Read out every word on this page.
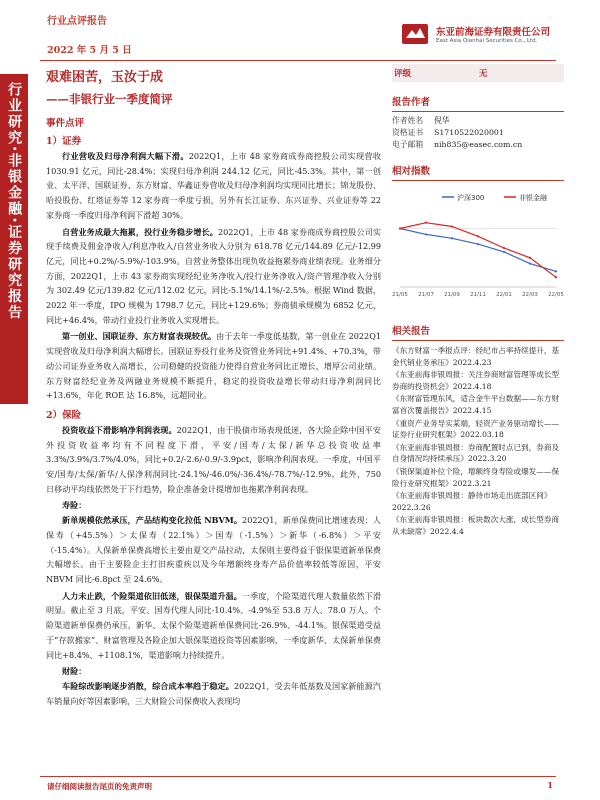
行业点评报告
2022 年 5 月 5 日
东亚前海证券有限责任公司
East Asia Qianhai Securities Co., Ltd.
行业研究·非银金融·证券研究报告
艰难困苦，玉汝于成
——非银行业一季度简评
事件点评
1）证券

行业营收及归母净利润大幅下滑。2022Q1，上市 48 家券商成券商控股公司实现营收 1030.91 亿元，同比-28.4%；实现归母净利润 244.12 亿元，同比-45.3%。其中，第一创业、太平洋、国联证券、东方财富、华鑫证券营收及归母净利润均实现同比增长；锦龙股份、哈投股份、红塔证券等 12 家券商一季度亏损，另外有长江证券、东兴证券、兴业证券等 22 家券商一季度归母净利润下滑超 30%。

自营业务成最大拖累，投行业务稳步增长。2022Q1，上市 48 家券商成券商控股公司实现手续费及佣金净收入/利息净收入/自营业务收入分别为 618.78 亿元/144.89 亿元/-12.99 亿元，同比+0.2%/-5.9%/-103.9%。自营业务整体出现负收益拖累券商业绩表现。业务细分方面，2022Q1，上市 43 家券商实现经纪业务净收入/投行业务净收入/资产管理净收入分别为 302.49 亿元/139.82 亿元/112.02 亿元，同比-5.1%/14.1%/-2.5%。根据 Wind 数据，2022 年一季度，IPO 规模为 1798.7 亿元，同比+129.6%；券商债承规模为 6852 亿元，同比+46.4%，带动行业投行业务收入实现增长。

第一创业、国联证券、东方财富表现较优。由于去年一季度低基数，第一创业在 2022Q1 实现营收及归母净利润大幅增长。国联证券投行业务及资管业务同比+91.4%、+70.3%，带动公司证券业务收入高增长，公司稳健的投资能力使得自营业务同比正增长，增厚公司业绩。东方财富经纪业务及两融业务规模不断提升，稳定的投资收益增长带动归母净利润同比+13.6%，年化 ROE 达 16.8%，远超同业。

2）保险

投资收益下滑影响净利润表现。2022Q1，由于股债市场表现低迷，各大险企除中国平安外投资收益率均有不同程度下滑，平安/国寿/太保/新华总投资收益率 3.3%/3.9%/3.7%/4.0%，同比+0.2/-2.6/-0.9/-3.9pct，影响净利润表现。一季度，中国平安/国寿/太保/新华/人保净利润同比-24.1%/-46.0%/-36.4%/-78.7%/-12.9%。此外，750 日移动平均线依然处于下行趋势，险企准备金计提增加也拖累净利润表现。

寿险：

新单规模依然承压，产品结构变化拉低 NBVM。2022Q1，新单保费同比增速表现：人保寿（+45.5%）＞太保寿（22.1%）＞国寿（-1.5%）＞新华（-6.8%）＞平安（-15.4%）。人保新单保费高增长主要由夏交产品拉动，太保则主要得益于银保渠道新单保费大幅增长。由于主要险企主打旧疾重疾以及今年增额终身寿产品价值率较低等原因，平安 NBVM 同比-6.8pct 至 24.6%。

人力未止跌，个险渠道依旧低迷，银保渠道升温。一季度，个险渠道代理人数量依然下滑明显。截止至 3 月底，平安、国寿代理人同比-10.4%、-4.9%至 53.8 万人、78.0 万人。个险渠道新单保费仍承压，新华、太保个险渠道新单保费同比-26.9%、-44.1%。银保渠道受益于“存款搬家”、财富管理及各险企加大银保渠道投资等因素影响，一季度新华、太保新单保费同比+8.4%、+1108.1%，渠道影响力持续提升。

财险：

车险综改影响逐步消散，综合成本率趋于稳定。2022Q1，受去年低基数及国家新能源汽车销量向好等因素影响，三大财险公司保费收入表现均

评级	无
报告作者
作者姓名	倪华
资格证书	S1710522020001
电子邮箱	nih835@easec.com.cn
相对指数
沪深300	非银金融
21/05 21/07 21/09 21/11 22/01 22/03 22/05
相关报告
《东方财富一季报点评：经纪市占率持续提升，基金代销业务承压》2022.4.23
《东亚前海非银周报：关注券商财富管理等成长型券商的投资机会》2022.4.18
《东财富管理东风，适合金牛平台数据——东方财富首次覆盖报告》2022.4.15
《重资产业务导实某端，轻资产业务驱动增长——证券行业研究框架》2022.03.18
《东亚前海非银周报：券商配置时点已到，券商及自身情况均持续承压》2022.3.20
《银保渠道补位个险，增额终身寿险或爆发——保险行业研究框架》2022.3.21
《东亚前海非银周报：静待市场走出底部区间》2022.3.26
《东亚前海非银周报：板块数次大涨，成长型券商从未缺席》2022.4.4
请仔细阅读报告尾页的免责声明	1
